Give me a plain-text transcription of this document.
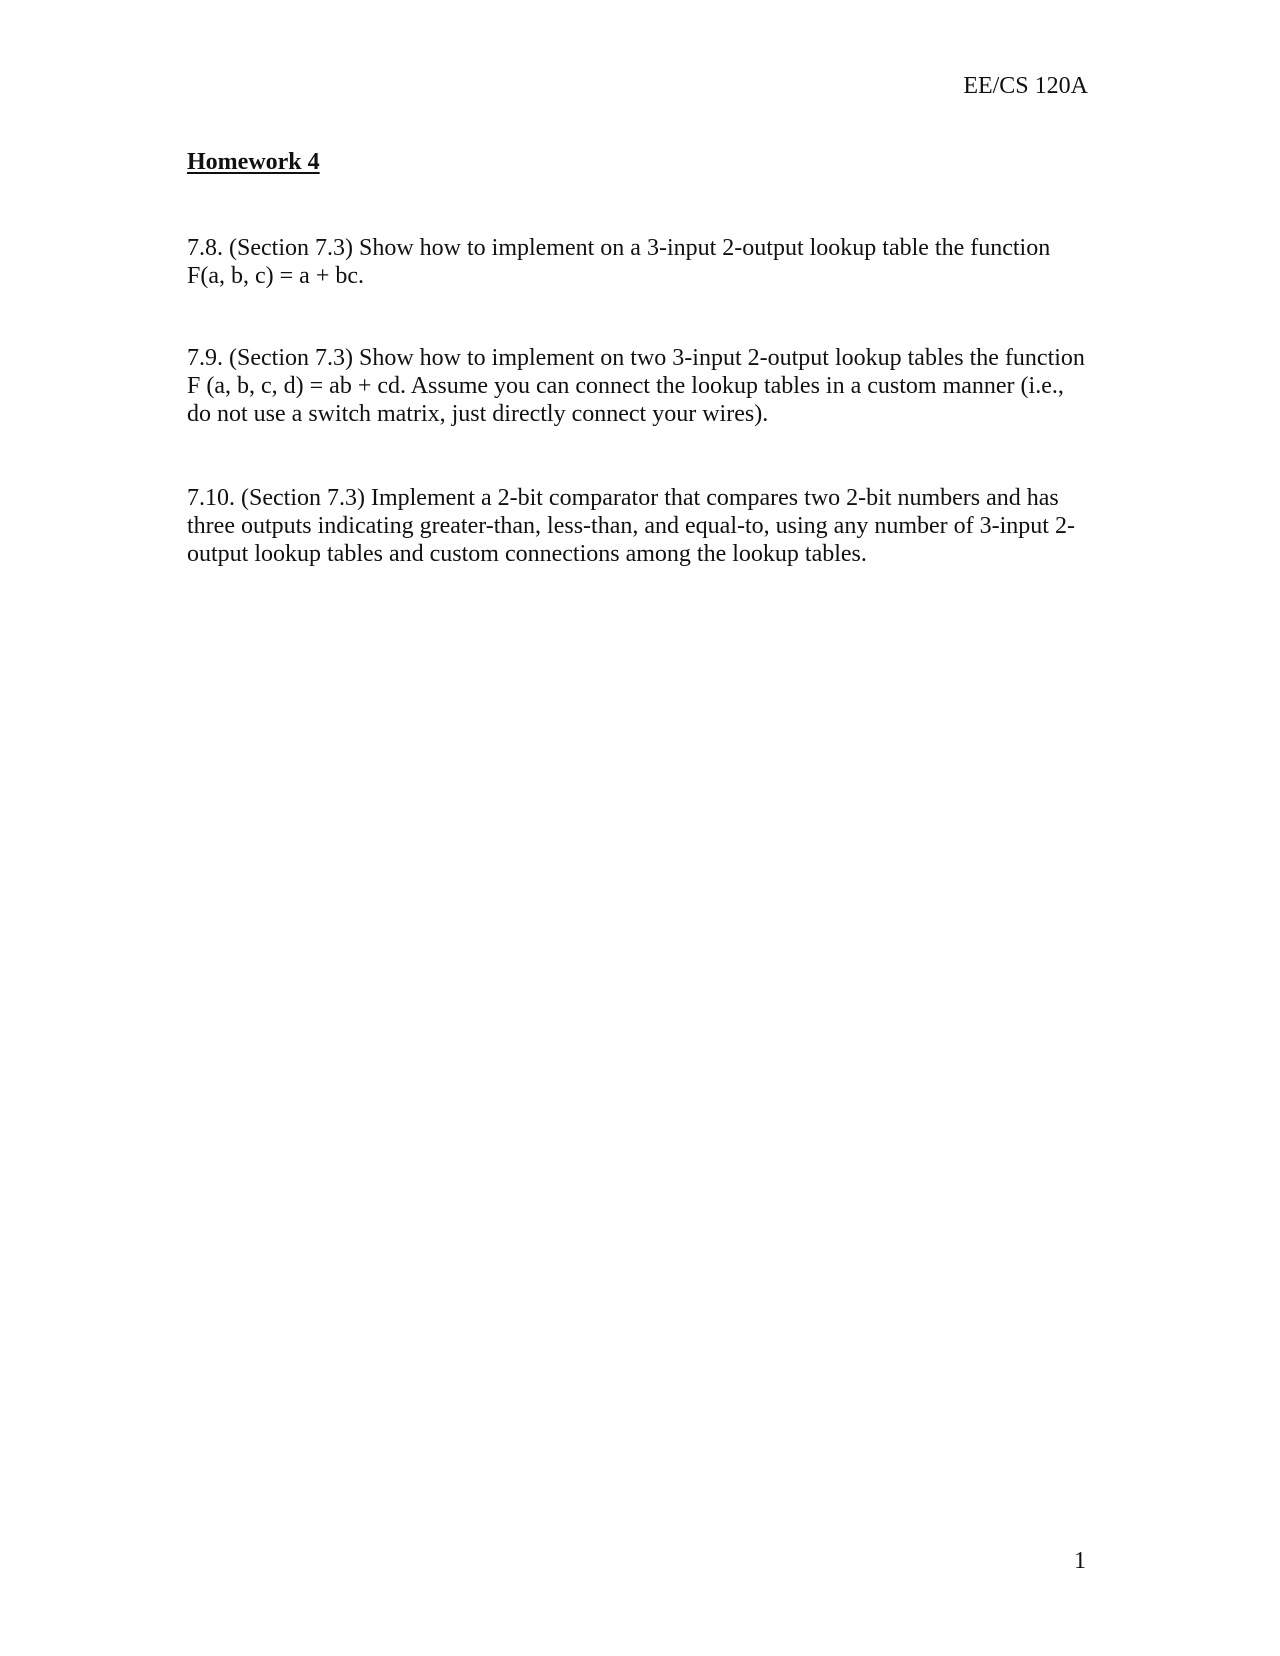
EE/CS 120A
Homework 4
7.8. (Section 7.3) Show how to implement on a 3-input 2-output lookup table the function F(a, b, c) = a + bc.
7.9. (Section 7.3) Show how to implement on two 3-input 2-output lookup tables the function F (a, b, c, d) = ab + cd. Assume you can connect the lookup tables in a custom manner (i.e., do not use a switch matrix, just directly connect your wires).
7.10. (Section 7.3) Implement a 2-bit comparator that compares two 2-bit numbers and has three outputs indicating greater-than, less-than, and equal-to, using any number of 3-input 2-output lookup tables and custom connections among the lookup tables.
1
